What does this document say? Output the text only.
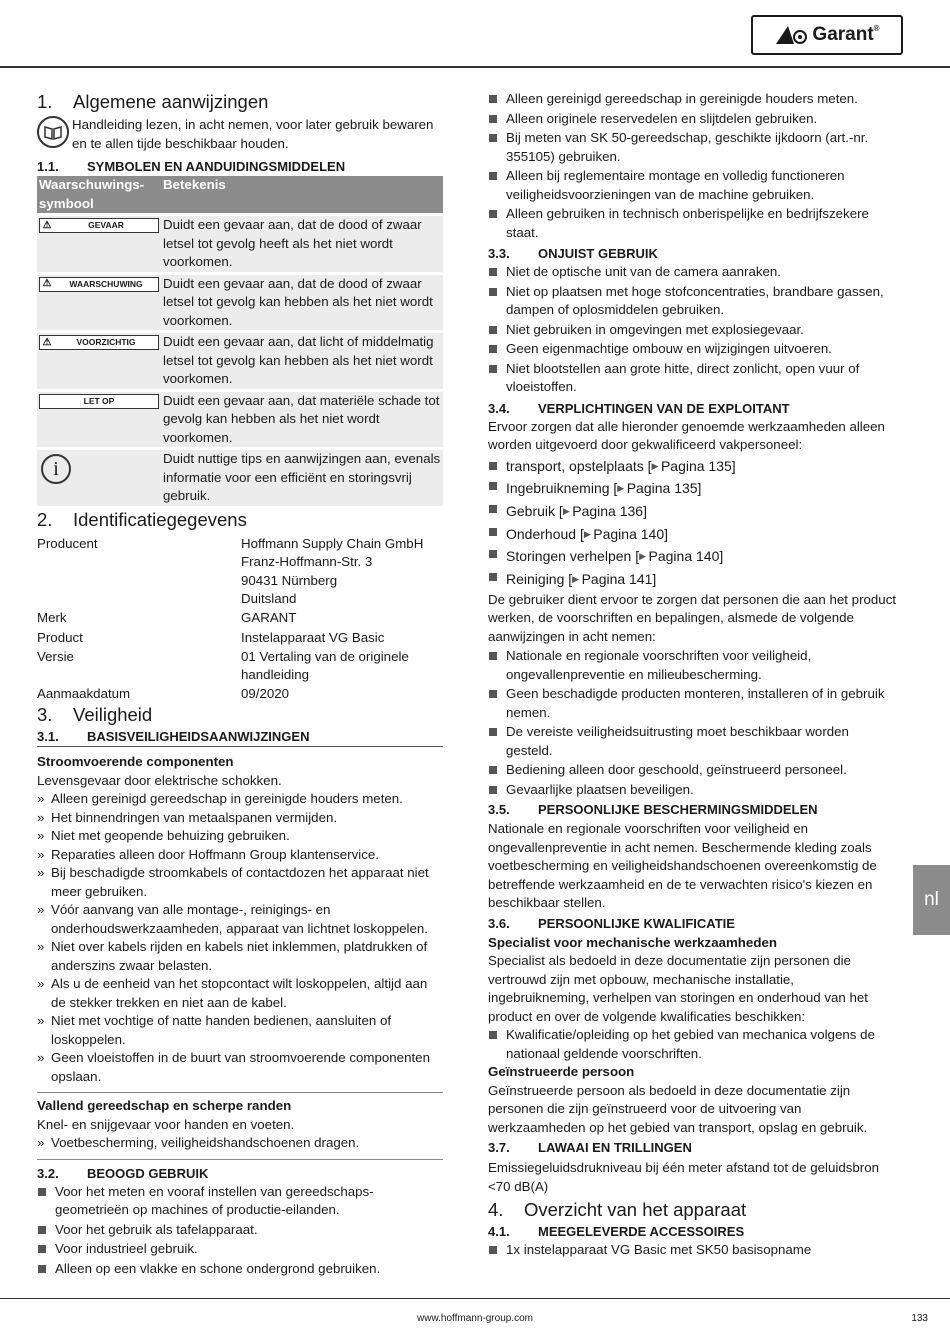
Garant®
1.	Algemene aanwijzingen
Handleiding lezen, in acht nemen, voor later gebruik bewaren en te allen tijde beschikbaar houden.
1.1.	SYMBOLEN EN AANDUIDINGSMIDDELEN
Waarschuwings-symbool	Betekenis

⚠ GEVAAR	Duidt een gevaar aan, dat de dood of zwaar letsel tot gevolg heeft als het niet wordt voorkomen.

⚠ WAARSCHUWING	Duidt een gevaar aan, dat de dood of zwaar letsel tot gevolg kan hebben als het niet wordt voorkomen.

⚠ VOORZICHTIG	Duidt een gevaar aan, dat licht of middelmatig letsel tot gevolg kan hebben als het niet wordt voorkomen.

LET OP	Duidt een gevaar aan, dat materiële schade tot gevolg kan hebben als het niet wordt voorkomen.

i	Duidt nuttige tips en aanwijzingen aan, evenals informatie voor een efficiënt en storingsvrij gebruik.
2.	Identificatiegegevens
Producent	Hoffmann Supply Chain GmbH
Franz-Hoffmann-Str. 3
90431 Nürnberg
Duitsland
Merk	GARANT
Product	Instelapparaat VG Basic
Versie	01 Vertaling van de originele handleiding
Aanmaakdatum	09/2020
3.	Veiligheid
3.1.	BASISVEILIGHEIDSAANWIJZINGEN
Stroomvoerende componenten
Levensgevaar door elektrische schokken.
» Alleen gereinigd gereedschap in gereinigde houders meten.
» Het binnendringen van metaalspanen vermijden.
» Niet met geopende behuizing gebruiken.
» Reparaties alleen door Hoffmann Group klantenservice.
» Bij beschadigde stroomkabels of contactdozen het apparaat niet meer gebruiken.
» Vóór aanvang van alle montage-, reinigings- en onderhoudswerkzaamheden, apparaat van lichtnet loskoppelen.
» Niet over kabels rijden en kabels niet inklemmen, platdrukken of anderszins zwaar belasten.
» Als u de eenheid van het stopcontact wilt loskoppelen, altijd aan de stekker trekken en niet aan de kabel.
» Niet met vochtige of natte handen bedienen, aansluiten of loskoppelen.
» Geen vloeistoffen in de buurt van stroomvoerende componenten opslaan.
Vallend gereedschap en scherpe randen
Knel- en snijgevaar voor handen en voeten.
» Voetbescherming, veiligheidshandschoenen dragen.
3.2.	BEOOGD GEBRUIK
Voor het meten en vooraf instellen van gereedschaps-geometrieën op machines of productie-eilanden.
Voor het gebruik als tafelapparaat.
Voor industrieel gebruik.
Alleen op een vlakke en schone ondergrond gebruiken.
Alleen gereinigd gereedschap in gereinigde houders meten.
Alleen originele reservedelen en slijtdelen gebruiken.
Bij meten van SK 50-gereedschap, geschikte ijkdoorn (art.-nr. 355105) gebruiken.
Alleen bij reglementaire montage en volledig functioneren veiligheidsvoorzieningen van de machine gebruiken.
Alleen gebruiken in technisch onberispelijke en bedrijfszekere staat.
3.3.	ONJUIST GEBRUIK
Niet de optische unit van de camera aanraken.
Niet op plaatsen met hoge stofconcentraties, brandbare gassen, dampen of oplosmiddelen gebruiken.
Niet gebruiken in omgevingen met explosiegevaar.
Geen eigenmachtige ombouw en wijzigingen uitvoeren.
Niet blootstellen aan grote hitte, direct zonlicht, open vuur of vloeistoffen.
3.4.	VERPLICHTINGEN VAN DE EXPLOITANT
Ervoor zorgen dat alle hieronder genoemde werkzaamheden alleen worden uitgevoerd door gekwalificeerd vakpersoneel:
transport, opstelplaats [ ▶ Pagina 135]
Ingebruikneming [ ▶ Pagina 135]
Gebruik [ ▶ Pagina 136]
Onderhoud [ ▶ Pagina 140]
Storingen verhelpen [ ▶ Pagina 140]
Reiniging [ ▶ Pagina 141]
De gebruiker dient ervoor te zorgen dat personen die aan het product werken, de voorschriften en bepalingen, alsmede de volgende aanwijzingen in acht nemen:
Nationale en regionale voorschriften voor veiligheid, ongevallenpreventie en milieubescherming.
Geen beschadigde producten monteren, installeren of in gebruik nemen.
De vereiste veiligheidsuitrusting moet beschikbaar worden gesteld.
Bediening alleen door geschoold, geïnstrueerd personeel.
Gevaarlijke plaatsen beveiligen.
3.5.	PERSOONLIJKE BESCHERMINGSMIDDELEN
Nationale en regionale voorschriften voor veiligheid en ongevallenpreventie in acht nemen. Beschermende kleding zoals voetbescherming en veiligheidshandschoenen overeenkomstig de betreffende werkzaamheid en de te verwachten risico's kiezen en beschikbaar stellen.
3.6.	PERSOONLIJKE KWALIFICATIE
Specialist voor mechanische werkzaamheden
Specialist als bedoeld in deze documentatie zijn personen die vertrouwd zijn met opbouw, mechanische installatie, ingebruikneming, verhelpen van storingen en onderhoud van het product en over de volgende kwalificaties beschikken:
Kwalificatie/opleiding op het gebied van mechanica volgens de nationaal geldende voorschriften.
Geïnstrueerde persoon
Geïnstrueerde persoon als bedoeld in deze documentatie zijn personen die zijn geïnstrueerd voor de uitvoering van werkzaamheden op het gebied van transport, opslag en gebruik.
3.7.	LAWAAI EN TRILLINGEN
Emissiegeluidsdrukniveau bij één meter afstand tot de geluidsbron <70 dB(A)
4.	Overzicht van het apparaat
4.1.	MEEGELEVERDE ACCESSOIRES
1x instelapparaat VG Basic met SK50 basisopname
nl
www.hoffmann-group.com	133
